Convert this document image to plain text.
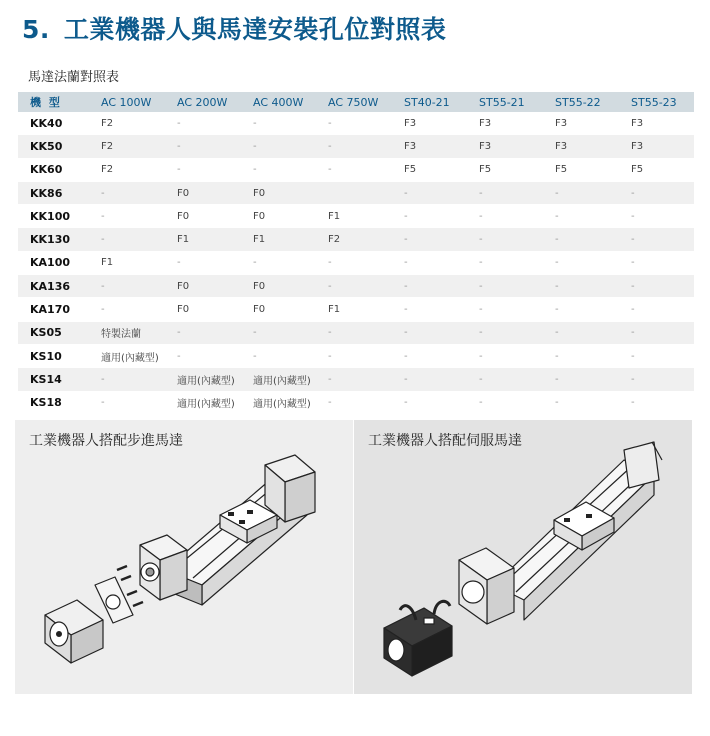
5. 工業機器人與馬達安裝孔位對照表
馬達法蘭對照表
機 型	AC 100W	AC 200W	AC 400W	AC 750W	ST40-21	ST55-21	ST55-22	ST55-23
KK40	F2	-	-	-	F3	F3	F3	F3
KK50	F2	-	-	-	F3	F3	F3	F3
KK60	F2	-	-	-	F5	F5	F5	F5
KK86	-	F0	F0		-	-	-	-
KK100	-	F0	F0	F1	-	-	-	-
KK130	-	F1	F1	F2	-	-	-	-
KA100	F1	-	-	-	-	-	-	-
KA136	-	F0	F0	-	-	-	-	-
KA170	-	F0	F0	F1	-	-	-	-
KS05	特製法蘭	-	-	-	-	-	-	-
KS10	適用(內藏型)	-	-	-	-	-	-	-
KS14	-	適用(內藏型)	適用(內藏型)	-	-	-	-	-
KS18	-	適用(內藏型)	適用(內藏型)	-	-	-	-	-
工業機器人搭配步進馬達	工業機器人搭配伺服馬達
